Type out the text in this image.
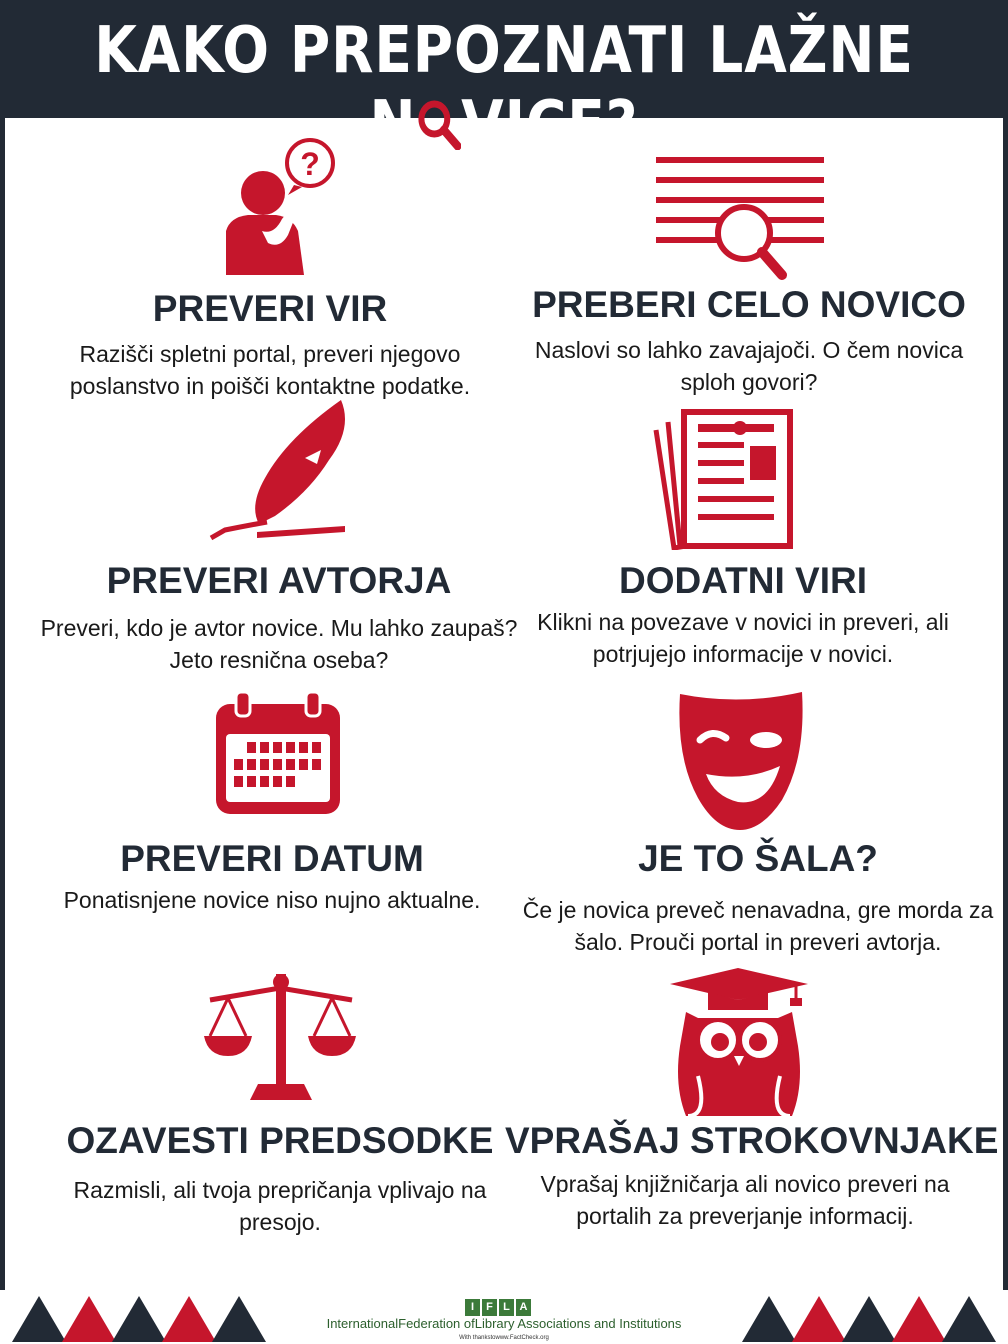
KAKO PREPOZNATI LAŽNE N VICE?
?
PREVERI VIR
Razišči spletni portal, preveri njegovo poslanstvo in poišči kontaktne podatke.
PREBERI CELO NOVICO
Naslovi so lahko zavajajoči. O čem novica sploh govori?
PREVERI AVTORJA
Preveri, kdo je avtor novice. Mu lahko zaupaš? Jeto resnična oseba?
DODATNI VIRI
Klikni na povezave v novici in preveri, ali potrjujejo informacije v novici.
PREVERI DATUM
Ponatisnjene novice niso nujno aktualne.
JE TO ŠALA?
Če je novica preveč nenavadna, gre morda za šalo. Prouči portal in preveri avtorja.
OZAVESTI PREDSODKE
Razmisli, ali tvoja prepričanja vplivajo na presojo.
VPRAŠAJ STROKOVNJAKE
Vprašaj knjižničarja ali novico preveri na portalih za preverjanje informacij.
I	F L A
InternationalFederation ofLibrary Associations and Institutions
With thankstowww.FactCheck.org
